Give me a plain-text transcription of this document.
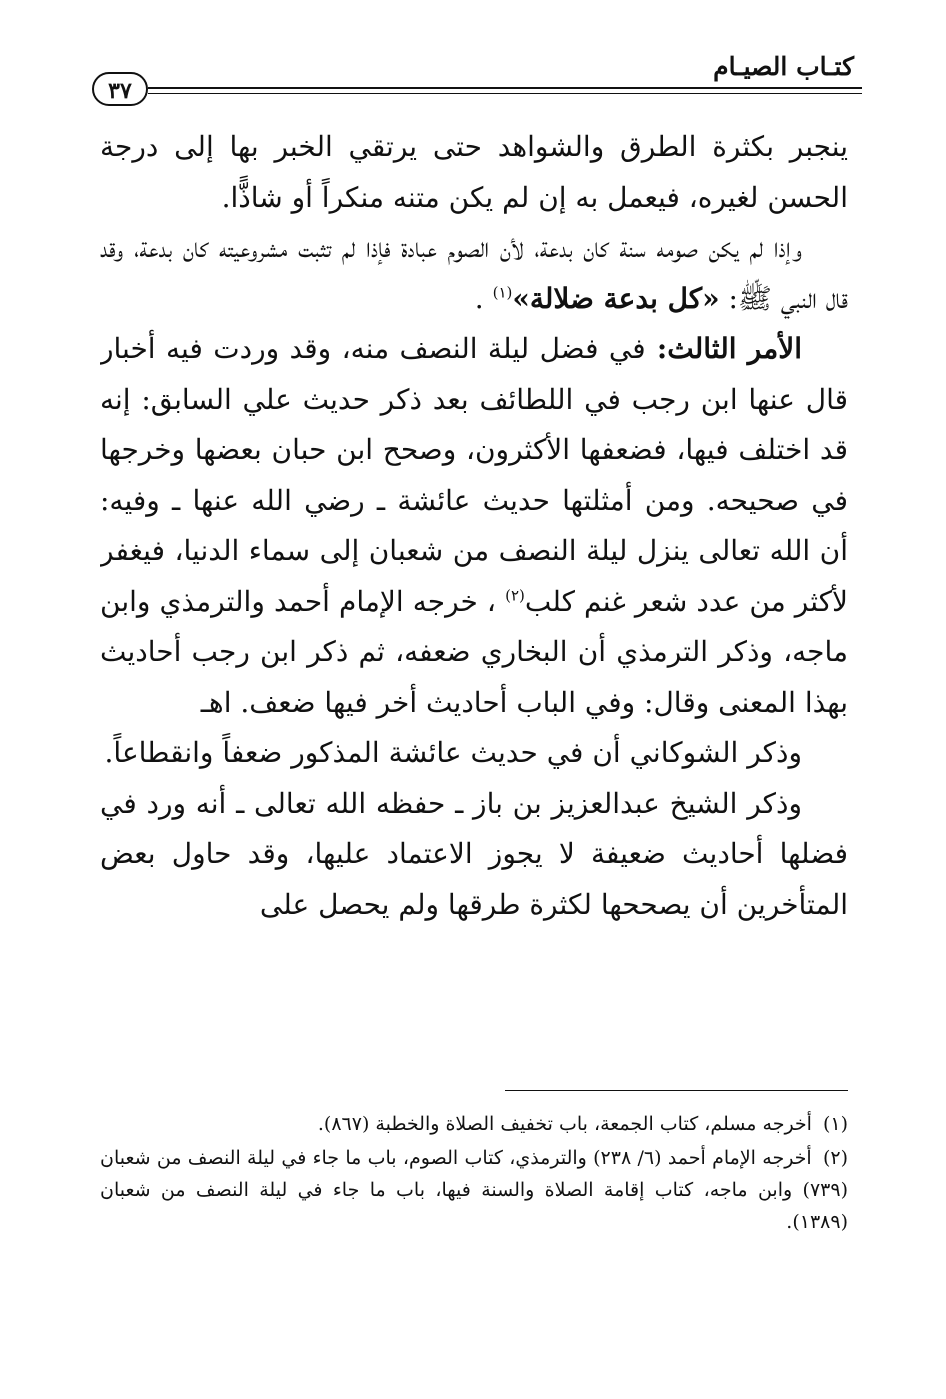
كتـاب الصيـام
٣٧

ينجبر بكثرة الطرق والشواهد حتى يرتقي الخبر بها إلى درجة الحسن لغيره، فيعمل به إن لم يكن متنه منكراً أو شاذًّا.

وإذا لم يكن صومه سنة كان بدعة، لأن الصوم عبادة فإذا لم تثبت مشروعيته كان بدعة، وقد قال النبي ﷺ: «كل بدعة ضلالة»$^{(١)}$ .

الأمر الثالث: في فضل ليلة النصف منه، وقد وردت فيه أخبار قال عنها ابن رجب في اللطائف بعد ذكر حديث علي السابق: إنه قد اختلف فيها، فضعفها الأكثرون، وصحح ابن حبان بعضها وخرجها في صحيحه. ومن أمثلتها حديث عائشة ـ رضي الله عنها ـ وفيه: أن الله تعالى ينزل ليلة النصف من شعبان إلى سماء الدنيا، فيغفر لأكثر من عدد شعر غنم كلب$^{(٢)}$ ، خرجه الإمام أحمد والترمذي وابن ماجه، وذكر الترمذي أن البخاري ضعفه، ثم ذكر ابن رجب أحاديث بهذا المعنى وقال: وفي الباب أحاديث أخر فيها ضعف. اهـ

وذكر الشوكاني أن في حديث عائشة المذكور ضعفاً وانقطاعاً.

وذكر الشيخ عبدالعزيز بن باز ـ حفظه الله تعالى ـ أنه ورد في فضلها أحاديث ضعيفة لا يجوز الاعتماد عليها، وقد حاول بعض المتأخرين أن يصححها لكثرة طرقها ولم يحصل على

(١) أخرجه مسلم، كتاب الجمعة، باب تخفيف الصلاة والخطبة (٨٦٧).
(٢) أخرجه الإمام أحمد (٦/ ٢٣٨) والترمذي، كتاب الصوم، باب ما جاء في ليلة النصف من شعبان (٧٣٩) وابن ماجه، كتاب إقامة الصلاة والسنة فيها، باب ما جاء في ليلة النصف من شعبان (١٣٨٩).
